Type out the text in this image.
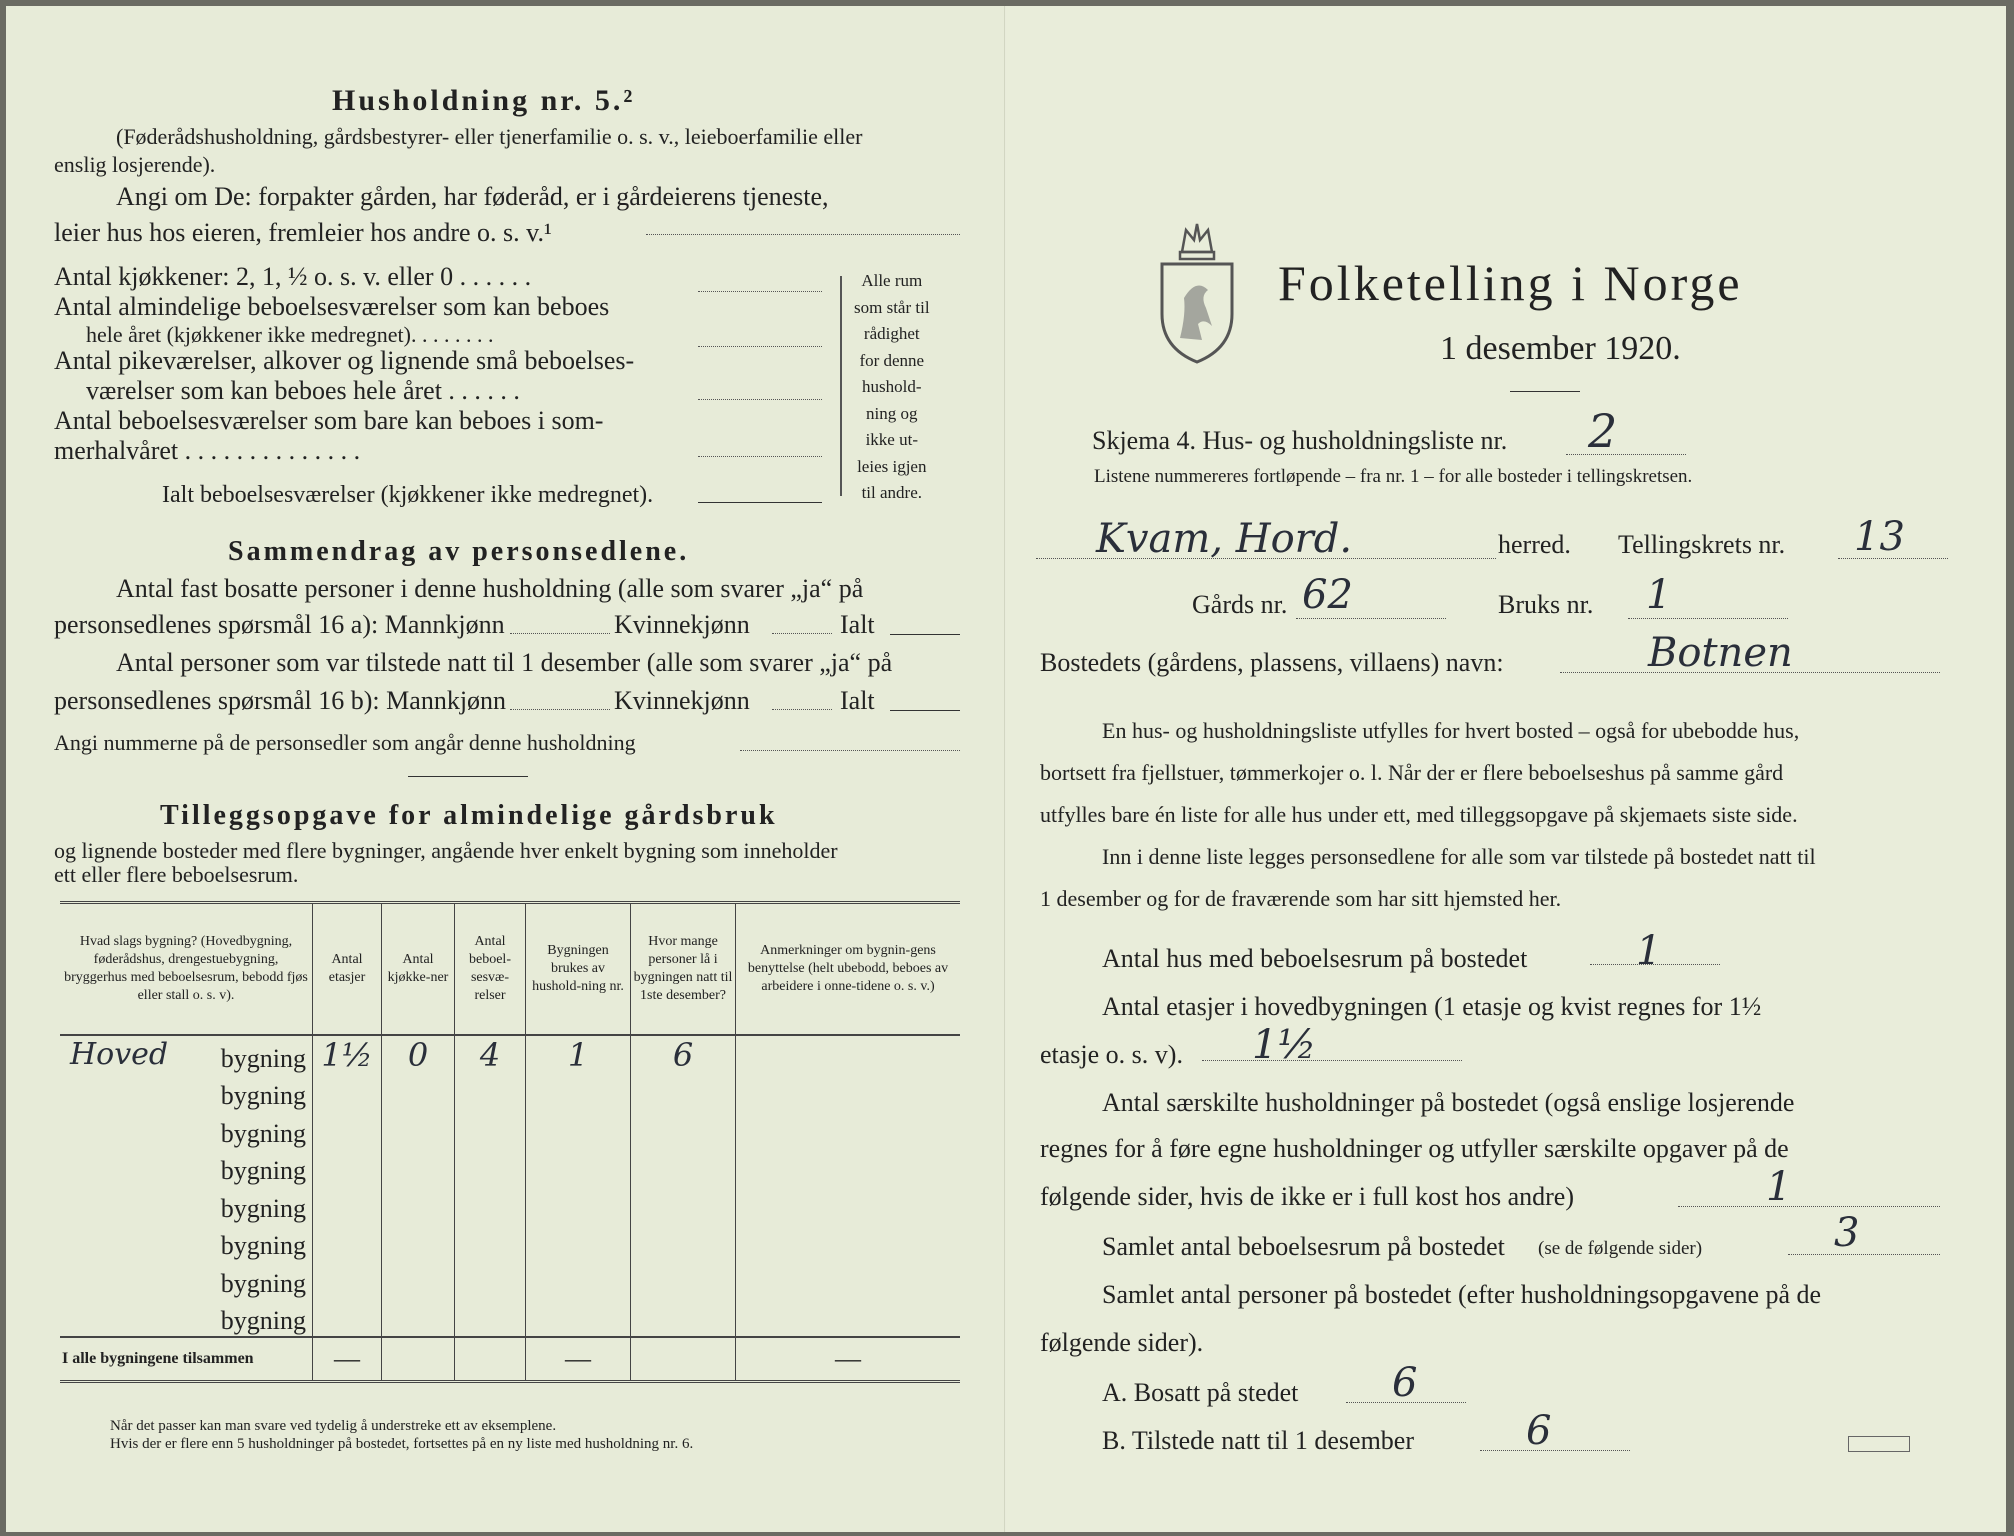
Husholdning nr. 5.²
(Føderådshusholdning, gårdsbestyrer- eller tjenerfamilie o. s. v., leieboerfamilie eller
enslig losjerende).
Angi om De: forpakter gården, har føderåd, er i gårdeierens tjeneste,
leier hus hos eieren, fremleier hos andre o. s. v.¹
Antal kjøkkener: 2, 1, ½ o. s. v. eller 0 . . . . . .
Antal almindelige beboelsesværelser som kan beboes
hele året (kjøkkener ikke medregnet). . . . . . . .
Antal pikeværelser, alkover og lignende små beboelses-
værelser som kan beboes hele året . . . . . .
Antal beboelsesværelser som bare kan beboes i som-
merhalvåret . . . . . . . . . . . . . .
Ialt beboelsesværelser (kjøkkener ikke medregnet).
Alle rum
som står til
rådighet
for denne
hushold-
ning og
ikke ut-
leies igjen
til andre.
Sammendrag av personsedlene.
Antal fast bosatte personer i denne husholdning (alle som svarer „ja“ på
personsedlenes spørsmål 16 a): Mannkjønn	Kvinnekjønn	Ialt
Antal personer som var tilstede natt til 1 desember (alle som svarer „ja“ på
personsedlenes spørsmål 16 b): Mannkjønn	Kvinnekjønn	Ialt
Angi nummerne på de personsedler som angår denne husholdning
Tilleggsopgave for almindelige gårdsbruk
og lignende bosteder med flere bygninger, angående hver enkelt bygning som inneholder
ett eller flere beboelsesrum.
Hvad slags bygning? (Hovedbygning, føderådshus, drengestuebygning, bryggerhus med beboelsesrum, bebodd fjøs eller stall o. s. v).	Antal etasjer	Antal kjøkke-ner	Antal beboel-sesvæ-relser	Bygningen brukes av hushold-ning nr.	Hvor mange personer lå i bygningen natt til 1ste desember?	Anmerkninger om bygnin-gens benyttelse (helt ubebodd, beboes av arbeidere i onne-tidene o. s. v.)

Hoved bygning	1½	0	4	1	6	

bygning						

bygning						

bygning						

bygning						

bygning						

bygning						

bygning						

I alle bygningene tilsammen	—			—		—
Når det passer kan man svare ved tydelig å understreke ett av eksemplene.
Hvis der er flere enn 5 husholdninger på bostedet, fortsettes på en ny liste med husholdning nr. 6.
Folketelling i Norge
1 desember 1920.
Skjema 4. Hus- og husholdningsliste nr. 2
Listene nummereres fortløpende – fra nr. 1 – for alle bosteder i tellingskretsen.
Kvam, Hord.	herred. Tellingskrets nr. 13
Gårds nr. 62	Bruks nr. 1
Bostedets (gårdens, plassens, villaens) navn:	Botnen
En hus- og husholdningsliste utfylles for hvert bosted – også for ubebodde hus,
bortsett fra fjellstuer, tømmerkojer o. l. Når der er flere beboelseshus på samme gård
utfylles bare én liste for alle hus under ett, med tilleggsopgave på skjemaets siste side.
Inn i denne liste legges personsedlene for alle som var tilstede på bostedet natt til
1 desember og for de fraværende som har sitt hjemsted her.
Antal hus med beboelsesrum på bostedet	1
Antal etasjer i hovedbygningen (1 etasje og kvist regnes for 1½
etasje o. s. v). 1½
Antal særskilte husholdninger på bostedet (også enslige losjerende
regnes for å føre egne husholdninger og utfyller særskilte opgaver på de
følgende sider, hvis de ikke er i full kost hos andre)	1
Samlet antal beboelsesrum på bostedet (se de følgende sider)	3
Samlet antal personer på bostedet (efter husholdningsopgavene på de
følgende sider).
A. Bosatt på stedet 6
B. Tilstede natt til 1 desember	6
